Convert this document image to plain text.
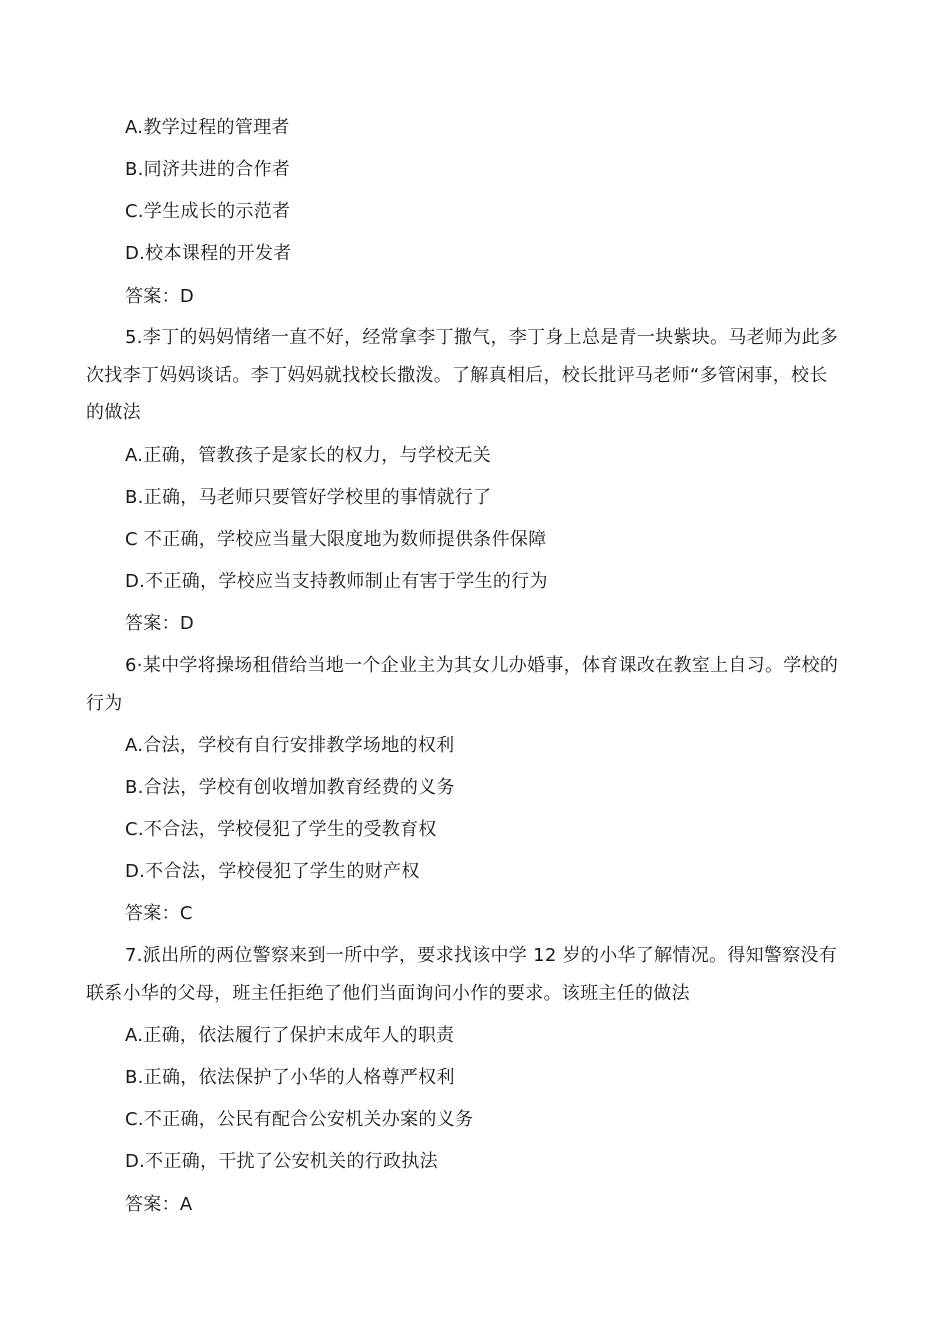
A.教学过程的管理者
B.同济共进的合作者
C.学生成长的示范者
D.校本课程的开发者
答案：D
5.李丁的妈妈情绪一直不好，经常拿李丁撒气，李丁身上总是青一块紫块。马老师为此多
次找李丁妈妈谈话。李丁妈妈就找校长撒泼。了解真相后，校长批评马老师“多管闲事，校长
的做法
A.正确，管教孩子是家长的权力，与学校无关
B.正确，马老师只要管好学校里的事情就行了
C 不正确，学校应当量大限度地为数师提供条件保障
D.不正确，学校应当支持教师制止有害于学生的行为
答案：D
6·某中学将操场租借给当地一个企业主为其女儿办婚事，体育课改在教室上自习。学校的
行为
A.合法，学校有自行安排教学场地的权利
B.合法，学校有创收增加教育经费的义务
C.不合法，学校侵犯了学生的受教育权
D.不合法，学校侵犯了学生的财产权
答案：C
7.派出所的两位警察来到一所中学，要求找该中学 12 岁的小华了解情况。得知警察没有
联系小华的父母，班主任拒绝了他们当面询问小作的要求。该班主任的做法
A.正确，依法履行了保护末成年人的职责
B.正确，依法保护了小华的人格尊严权利
C.不正确，公民有配合公安机关办案的义务
D.不正确，干扰了公安机关的行政执法
答案：A
